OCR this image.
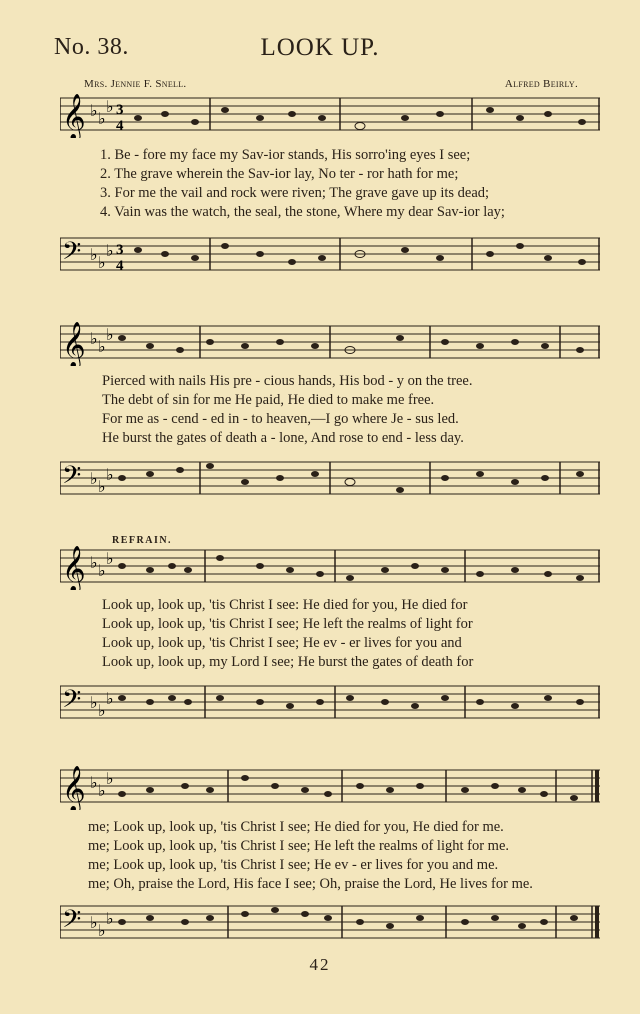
No. 38.	LOOK UP.
Mrs. Jennie F. Snell.	Alfred Beirly.
𝄞 ♭ ♭
♭ 3
4
1. Be - fore my face my Sav-ior stands, His sorro'ing eyes I see;
2. The grave wherein the Sav-ior lay, No ter - ror hath for me;
3. For me the vail and rock were riven; The grave gave up its dead;
4. Vain was the watch, the seal, the stone, Where my dear Sav-ior lay;
𝄢 ♭ ♭
♭ 3
4
𝄞 ♭ ♭
♭
Pierced with nails His pre - cious hands, His bod - y on the tree.
The debt of sin for me He paid, He died to make me free.
For me as - cend - ed in - to heaven,—I go where Je - sus led.
He burst the gates of death a - lone, And rose to end - less day.
𝄢 ♭ ♭
♭
REFRAIN.
𝄞 ♭ ♭
♭
Look up, look up, 'tis Christ I see: He died for you, He died for
Look up, look up, 'tis Christ I see; He left the realms of light for
Look up, look up, 'tis Christ I see; He ev - er lives for you and
Look up, look up, my Lord I see; He burst the gates of death for
𝄢 ♭ ♭
♭
𝄞 ♭ ♭
♭
me; Look up, look up, 'tis Christ I see; He died for you, He died for me.
me; Look up, look up, 'tis Christ I see; He left the realms of light for me.
me; Look up, look up, 'tis Christ I see; He ev - er lives for you and me.
me; Oh, praise the Lord, His face I see; Oh, praise the Lord, He lives for me.
𝄢 ♭ ♭
♭
42
